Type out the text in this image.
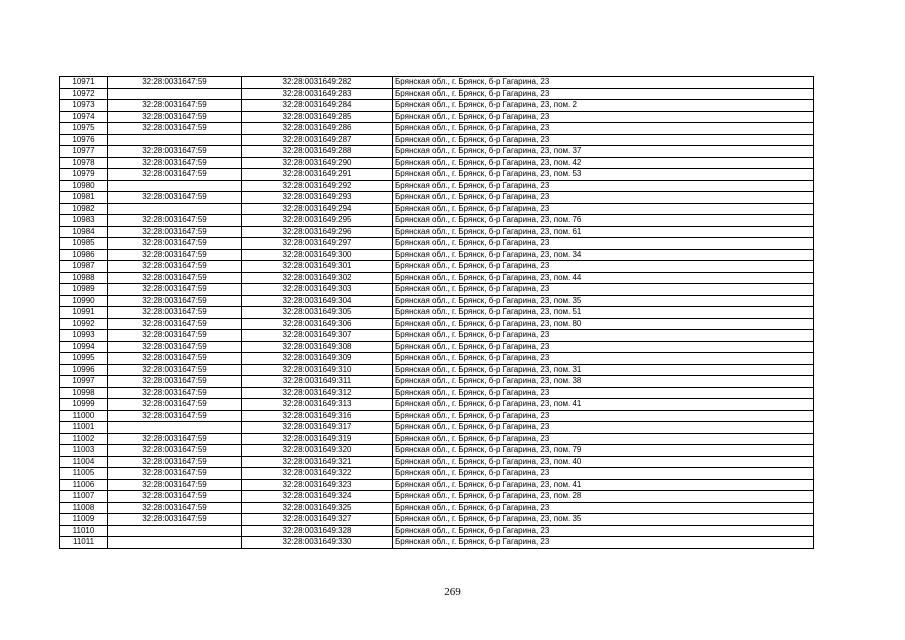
10971	32:28:0031647:59	32:28:0031649:282	Брянская обл., г. Брянск, б-р Гагарина, 23
10972		32:28:0031649:283	Брянская обл., г. Брянск, б-р Гагарина, 23
10973	32:28:0031647:59	32:28:0031649:284	Брянская обл., г. Брянск, б-р Гагарина, 23, пом. 2
10974	32:28:0031647:59	32:28:0031649:285	Брянская обл., г. Брянск, б-р Гагарина, 23
10975	32:28:0031647:59	32:28:0031649:286	Брянская обл., г. Брянск, б-р Гагарина, 23
10976		32:28:0031649:287	Брянская обл., г. Брянск, б-р Гагарина, 23
10977	32:28:0031647:59	32:28:0031649:288	Брянская обл., г. Брянск, б-р Гагарина, 23, пом. 37
10978	32:28:0031647:59	32:28:0031649:290	Брянская обл., г. Брянск, б-р Гагарина, 23, пом. 42
10979	32:28:0031647:59	32:28:0031649:291	Брянская обл., г. Брянск, б-р Гагарина, 23, пом. 53
10980		32:28:0031649:292	Брянская обл., г. Брянск, б-р Гагарина, 23
10981	32:28:0031647:59	32:28:0031649:293	Брянская обл., г. Брянск, б-р Гагарина, 23
10982		32:28:0031649:294	Брянская обл., г. Брянск, б-р Гагарина, 23
10983	32:28:0031647:59	32:28:0031649:295	Брянская обл., г. Брянск, б-р Гагарина, 23, пом. 76
10984	32:28:0031647:59	32:28:0031649:296	Брянская обл., г. Брянск, б-р Гагарина, 23, пом. 61
10985	32:28:0031647:59	32:28:0031649:297	Брянская обл., г. Брянск, б-р Гагарина, 23
10986	32:28:0031647:59	32:28:0031649:300	Брянская обл., г. Брянск, б-р Гагарина, 23, пом. 34
10987	32:28:0031647:59	32:28:0031649:301	Брянская обл., г. Брянск, б-р Гагарина, 23
10988	32:28:0031647:59	32:28:0031649:302	Брянская обл., г. Брянск, б-р Гагарина, 23, пом. 44
10989	32:28:0031647:59	32:28:0031649:303	Брянская обл., г. Брянск, б-р Гагарина, 23
10990	32:28:0031647:59	32:28:0031649:304	Брянская обл., г. Брянск, б-р Гагарина, 23, пом. 35
10991	32:28:0031647:59	32:28:0031649:305	Брянская обл., г. Брянск, б-р Гагарина, 23, пом. 51
10992	32:28:0031647:59	32:28:0031649:306	Брянская обл., г. Брянск, б-р Гагарина, 23, пом. 80
10993	32:28:0031647:59	32:28:0031649:307	Брянская обл., г. Брянск, б-р Гагарина, 23
10994	32:28:0031647:59	32:28:0031649:308	Брянская обл., г. Брянск, б-р Гагарина, 23
10995	32:28:0031647:59	32:28:0031649:309	Брянская обл., г. Брянск, б-р Гагарина, 23
10996	32:28:0031647:59	32:28:0031649:310	Брянская обл., г. Брянск, б-р Гагарина, 23, пом. 31
10997	32:28:0031647:59	32:28:0031649:311	Брянская обл., г. Брянск, б-р Гагарина, 23, пом. 38
10998	32:28:0031647:59	32:28:0031649:312	Брянская обл., г. Брянск, б-р Гагарина, 23
10999	32:28:0031647:59	32:28:0031649:313	Брянская обл., г. Брянск, б-р Гагарина, 23, пом. 41
11000	32:28:0031647:59	32:28:0031649:316	Брянская обл., г. Брянск, б-р Гагарина, 23
11001		32:28:0031649:317	Брянская обл., г. Брянск, б-р Гагарина, 23
11002	32:28:0031647:59	32:28:0031649:319	Брянская обл., г. Брянск, б-р Гагарина, 23
11003	32:28:0031647:59	32:28:0031649:320	Брянская обл., г. Брянск, б-р Гагарина, 23, пом. 79
11004	32:28:0031647:59	32:28:0031649:321	Брянская обл., г. Брянск, б-р Гагарина, 23, пом. 40
11005	32:28:0031647:59	32:28:0031649:322	Брянская обл., г. Брянск, б-р Гагарина, 23
11006	32:28:0031647:59	32:28:0031649:323	Брянская обл., г. Брянск, б-р Гагарина, 23, пом. 41
11007	32:28:0031647:59	32:28:0031649:324	Брянская обл., г. Брянск, б-р Гагарина, 23, пом. 28
11008	32:28:0031647:59	32:28:0031649:325	Брянская обл., г. Брянск, б-р Гагарина, 23
11009	32:28:0031647:59	32:28:0031649:327	Брянская обл., г. Брянск, б-р Гагарина, 23, пом. 35
11010		32:28:0031649:328	Брянская обл., г. Брянск, б-р Гагарина, 23
11011		32:28:0031649:330	Брянская обл., г. Брянск, б-р Гагарина, 23
269
